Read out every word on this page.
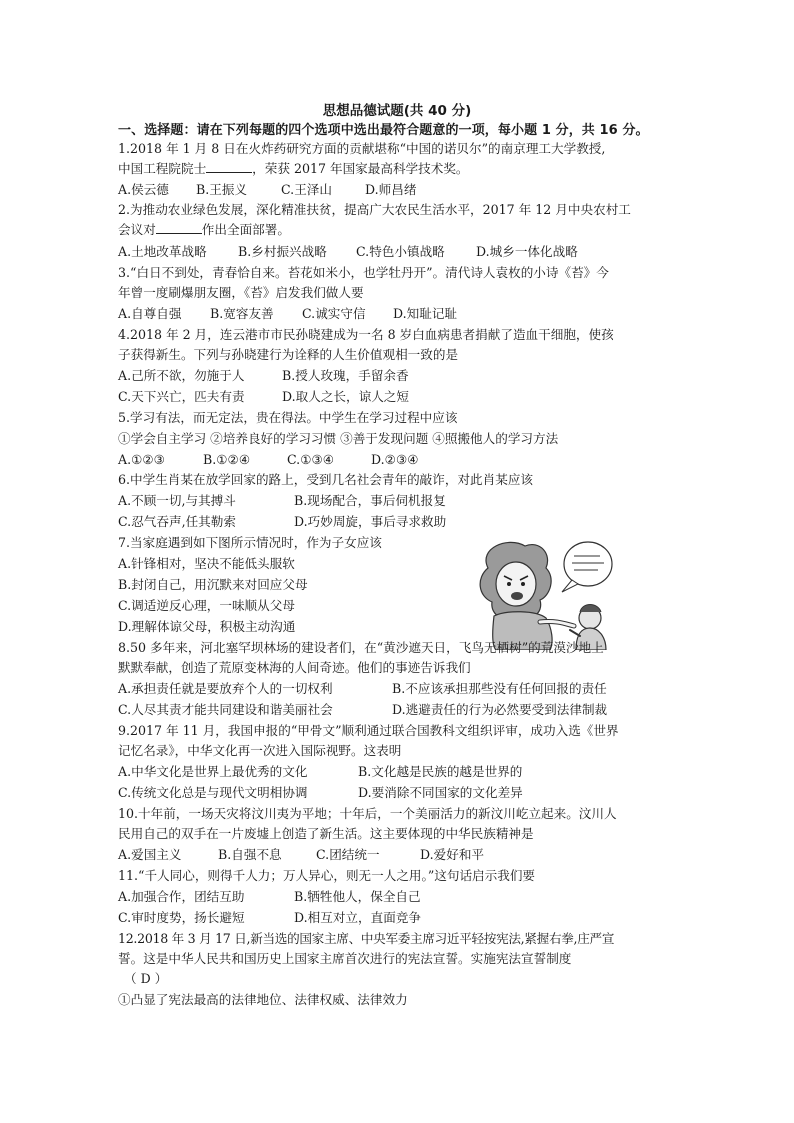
思想品德试题(共 40 分)
一、选择题：请在下列每题的四个选项中选出最符合题意的一项，每小题 1 分，共 16 分。
1.2018 年 1 月 8 日在火炸药研究方面的贡献堪称“中国的诺贝尔”的南京理工大学教授,
中国工程院院士	，荣获 2017 年国家最高科学技术奖。
A.侯云德 B.王振义	C.王泽山	D.师昌绪
2.为推动农业绿色发展，深化精准扶贫，提高广大农民生活水平，2017 年 12 月中央农村工
会议对	作出全面部署。
A.土地改革战略 B.乡村振兴战略 C.特色小镇战略 D.城乡一体化战略
3.“白日不到处，青春恰自来。苔花如米小，也学牡丹开”。清代诗人袁枚的小诗《苔》今
年曾一度刷爆朋友圈，《苔》启发我们做人要
A.自尊自强 B.宽容友善 C.诚实守信 D.知耻记耻
4.2018 年 2 月，连云港市市民孙晓建成为一名 8 岁白血病患者捐献了造血干细胞，使孩
子获得新生。下列与孙晓建行为诠释的人生价值观相一致的是
A.己所不欲，勿施于人	B.授人玫瑰，手留余香
C.天下兴亡，匹夫有责	D.取人之长，谅人之短
5.学习有法，而无定法，贵在得法。中学生在学习过程中应该
①学会自主学习 ②培养良好的学习习惯 ③善于发现问题 ④照搬他人的学习方法
A.①②③	B.①②④	C.①③④	D.②③④
6.中学生肖某在放学回家的路上，受到几名社会青年的敲诈，对此肖某应该
A.不顾一切,与其搏斗	B.现场配合，事后伺机报复
C.忍气吞声,任其勒索	D.巧妙周旋，事后寻求救助
7.当家庭遇到如下图所示情况时，作为子女应该
A.针锋相对，坚决不能低头服软
B.封闭自己，用沉默来对回应父母
C.调适逆反心理，一味顺从父母
D.理解体谅父母，积极主动沟通
8.50 多年来，河北塞罕坝林场的建设者们，在“黄沙遮天日，飞鸟无栖树”的荒漠沙地上
默默奉献，创造了荒原变林海的人间奇迹。他们的事迹告诉我们
A.承担责任就是要放弃个人的一切权利	B.不应该承担那些没有任何回报的责任
C.人尽其责才能共同建设和谐美丽社会	D.逃避责任的行为必然要受到法律制裁
9.2017 年 11 月，我国申报的“甲骨文”顺利通过联合国教科文组织评审，成功入选《世界
记忆名录》，中华文化再一次进入国际视野。这表明
A.中华文化是世界上最优秀的文化	B.文化越是民族的越是世界的
C.传统文化总是与现代文明相协调	D.要消除不同国家的文化差异
10.十年前，一场天灾将汶川夷为平地；十年后，一个美丽活力的新汶川屹立起来。汶川人
民用自己的双手在一片废墟上创造了新生活。这主要体现的中华民族精神是
A.爱国主义	B.自强不息	C.团结统一	D.爱好和平
11.“千人同心，则得千人力；万人异心，则无一人之用。”这句话启示我们要
A.加强合作，团结互助	B.牺牲他人，保全自己
C.审时度势，扬长避短	D.相互对立，直面竞争
12.2018 年 3 月 17 日,新当选的国家主席、中央军委主席习近平轻按宪法,紧握右拳,庄严宣
誓。这是中华人民共和国历史上国家主席首次进行的宪法宣誓。实施宪法宣誓制度
（ D ）
①凸显了宪法最高的法律地位、法律权威、法律效力
